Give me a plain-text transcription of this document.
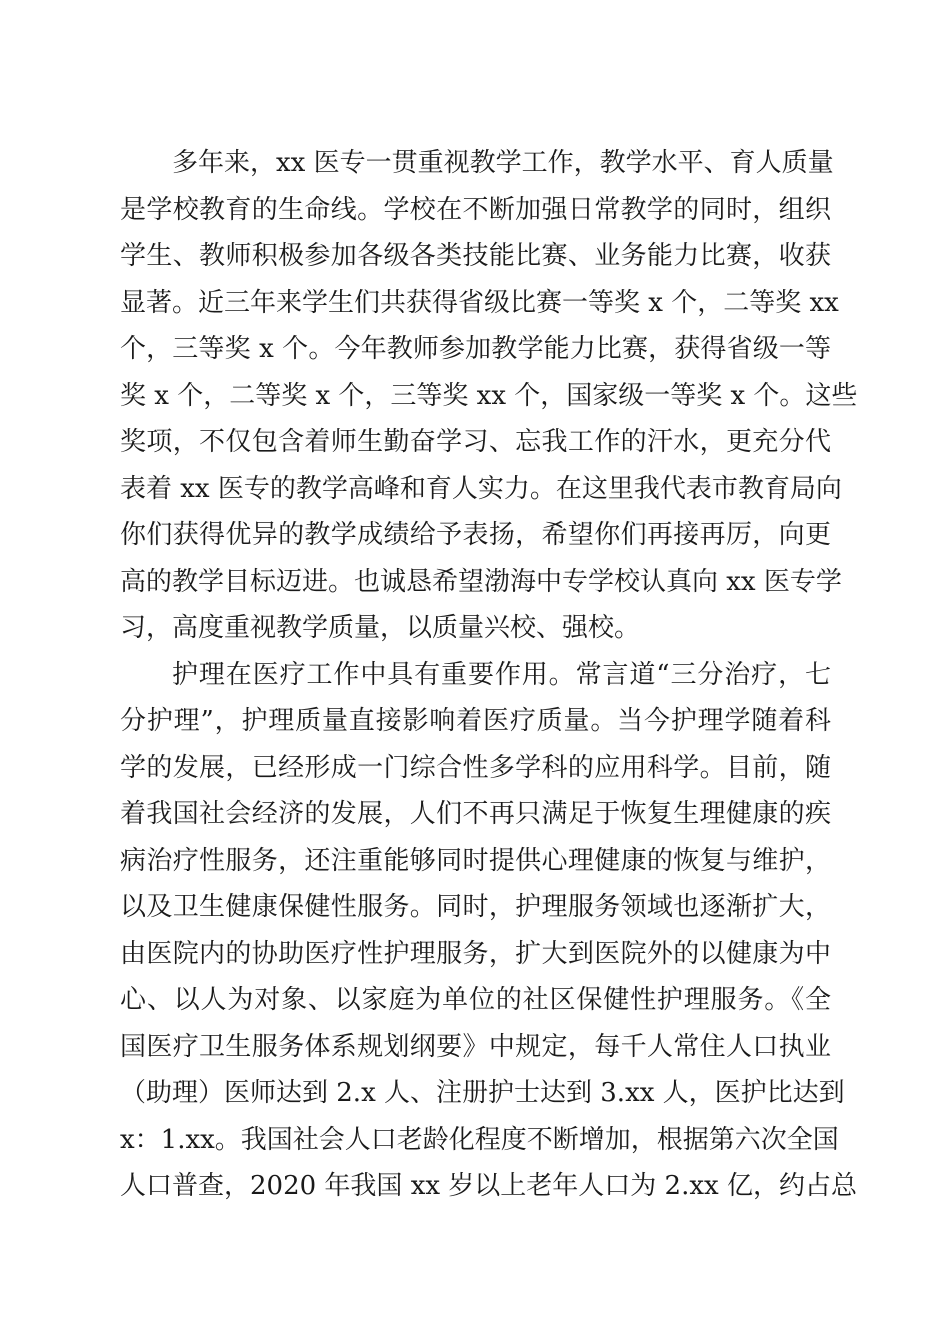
多年来，xx 医专一贯重视教学工作，教学水平、育人质量
是学校教育的生命线。学校在不断加强日常教学的同时，组织
学生、教师积极参加各级各类技能比赛、业务能力比赛，收获
显著。近三年来学生们共获得省级比赛一等奖 x 个，二等奖 xx
个，三等奖 x 个。今年教师参加教学能力比赛，获得省级一等
奖 x 个，二等奖 x 个，三等奖 xx 个，国家级一等奖 x 个。这些
奖项，不仅包含着师生勤奋学习、忘我工作的汗水，更充分代
表着 xx 医专的教学高峰和育人实力。在这里我代表市教育局向
你们获得优异的教学成绩给予表扬，希望你们再接再厉，向更
高的教学目标迈进。也诚恳希望渤海中专学校认真向 xx 医专学
习，高度重视教学质量，以质量兴校、强校。
护理在医疗工作中具有重要作用。常言道“三分治疗，七
分护理”，护理质量直接影响着医疗质量。当今护理学随着科
学的发展，已经形成一门综合性多学科的应用科学。目前，随
着我国社会经济的发展，人们不再只满足于恢复生理健康的疾
病治疗性服务，还注重能够同时提供心理健康的恢复与维护，
以及卫生健康保健性服务。同时，护理服务领域也逐渐扩大，
由医院内的协助医疗性护理服务，扩大到医院外的以健康为中
心、以人为对象、以家庭为单位的社区保健性护理服务。《全
国医疗卫生服务体系规划纲要》中规定，每千人常住人口执业
（助理）医师达到 2.x 人、注册护士达到 3.xx 人，医护比达到
x：1.xx。我国社会人口老龄化程度不断增加，根据第六次全国
人口普查，2020 年我国 xx 岁以上老年人口为 2.xx 亿，约占总
